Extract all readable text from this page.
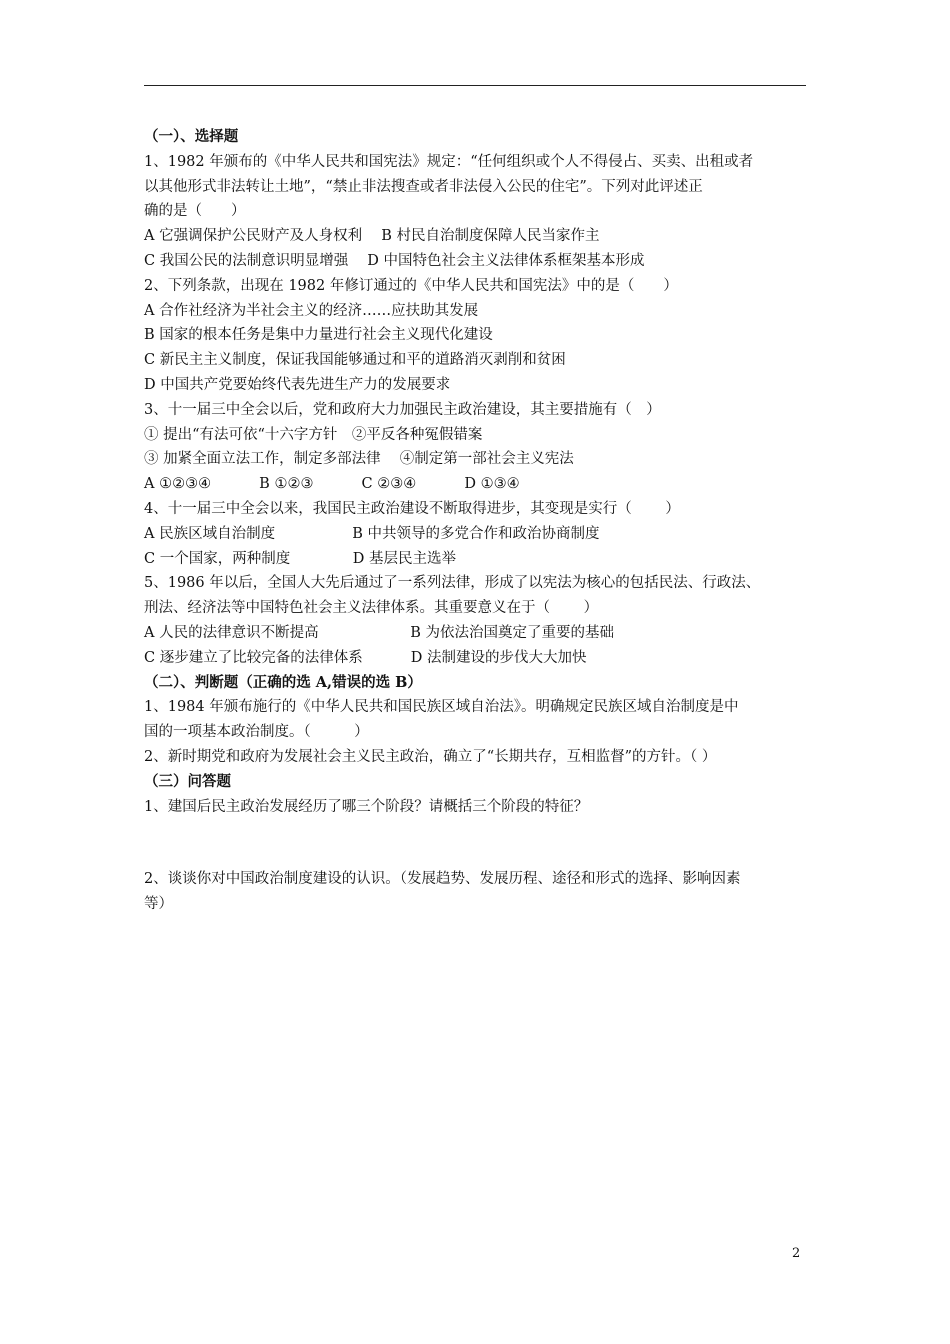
（一）、选择题
1、1982 年颁布的《中华人民共和国宪法》规定：“任何组织或个人不得侵占、买卖、出租或者
以其他形式非法转让土地”，“禁止非法搜查或者非法侵入公民的住宅”。下列对此评述正
确的是（　　）
A 它强调保护公民财产及人身权利　 B 村民自治制度保障人民当家作主
C 我国公民的法制意识明显增强　 D 中国特色社会主义法律体系框架基本形成
2、下列条款，出现在 1982 年修订通过的《中华人民共和国宪法》中的是（　　）
A 合作社经济为半社会主义的经济……应扶助其发展
B 国家的根本任务是集中力量进行社会主义现代化建设
C 新民主主义制度，保证我国能够通过和平的道路消灭剥削和贫困
D 中国共产党要始终代表先进生产力的发展要求
3、十一届三中全会以后，党和政府大力加强民主政治建设，其主要措施有（　）
① 提出“有法可依“十六字方针　②平反各种冤假错案
③ 加紧全面立法工作，制定多部法律　 ④制定第一部社会主义宪法
A ①②③④　　　 B ①②③　　　 C ②③④　　　 D ①③④
4、十一届三中全会以来，我国民主政治建设不断取得进步，其变现是实行（　　 ）
A 民族区域自治制度　　　　　 B 中共领导的多党合作和政治协商制度
C 一个国家，两种制度　　　　 D 基层民主选举
5、1986 年以后，全国人大先后通过了一系列法律，形成了以宪法为核心的包括民法、行政法、
刑法、经济法等中国特色社会主义法律体系。其重要意义在于（　　 ）
A 人民的法律意识不断提高　　　　　　 B 为依法治国奠定了重要的基础
C 逐步建立了比较完备的法律体系　　　 D 法制建设的步伐大大加快
（二）、判断题（正确的选 A,错误的选 B）
1、1984 年颁布施行的《中华人民共和国民族区域自治法》。明确规定民族区域自治制度是中
国的一项基本政治制度。（　　　）
2、新时期党和政府为发展社会主义民主政治，确立了“长期共存，互相监督”的方针。（ ）
（三）问答题
1、建国后民主政治发展经历了哪三个阶段？请概括三个阶段的特征？
2、谈谈你对中国政治制度建设的认识。（发展趋势、发展历程、途径和形式的选择、影响因素
等）
2
